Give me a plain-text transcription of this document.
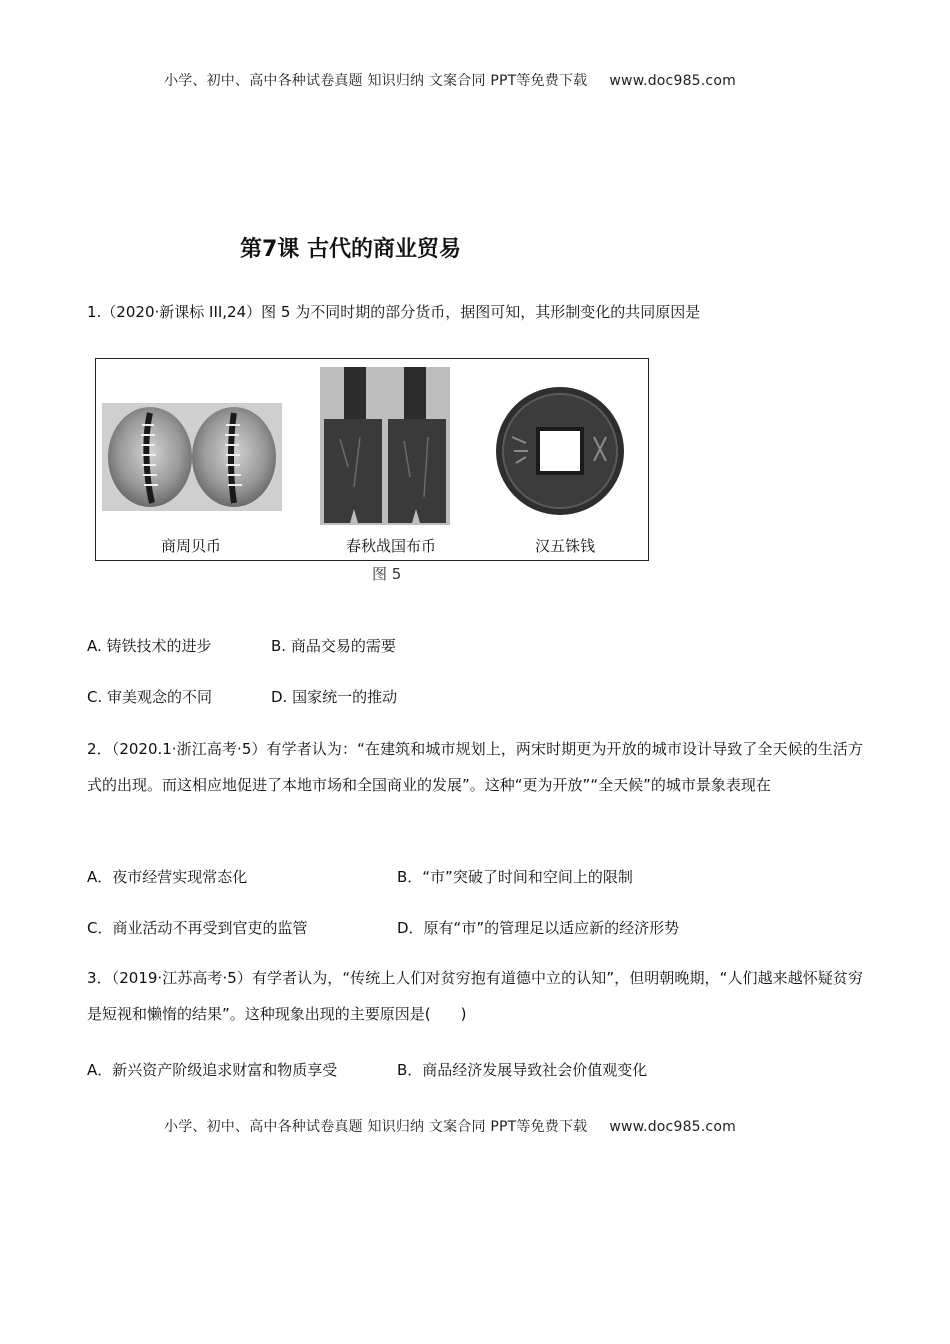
小学、初中、高中各种试卷真题 知识归纳 文案合同 PPT等免费下载 www.doc985.com
第7课 古代的商业贸易
1.（2020·新课标 III,24）图 5 为不同时期的部分货币，据图可知，其形制变化的共同原因是
商周贝币	春秋战国布币	汉五铢钱
图 5
A. 铸铁技术的进步	B. 商品交易的需要
C. 审美观念的不同	D. 国家统一的推动
2．（2020.1·浙江高考·5）有学者认为：“在建筑和城市规划上，两宋时期更为开放的城市设计导致了全天候的生活方式的出现。而这相应地促进了本地市场和全国商业的发展”。这种“更为开放”“全天候”的城市景象表现在
A．夜市经营实现常态化	B．“市”突破了时间和空间上的限制
C．商业活动不再受到官吏的监管	D．原有“市”的管理足以适应新的经济形势
3．（2019·江苏高考·5）有学者认为，“传统上人们对贫穷抱有道德中立的认知”，但明朝晚期，“人们越来越怀疑贫穷是短视和懒惰的结果”。这种现象出现的主要原因是(　　)
A．新兴资产阶级追求财富和物质享受	B．商品经济发展导致社会价值观变化
小学、初中、高中各种试卷真题 知识归纳 文案合同 PPT等免费下载 www.doc985.com
